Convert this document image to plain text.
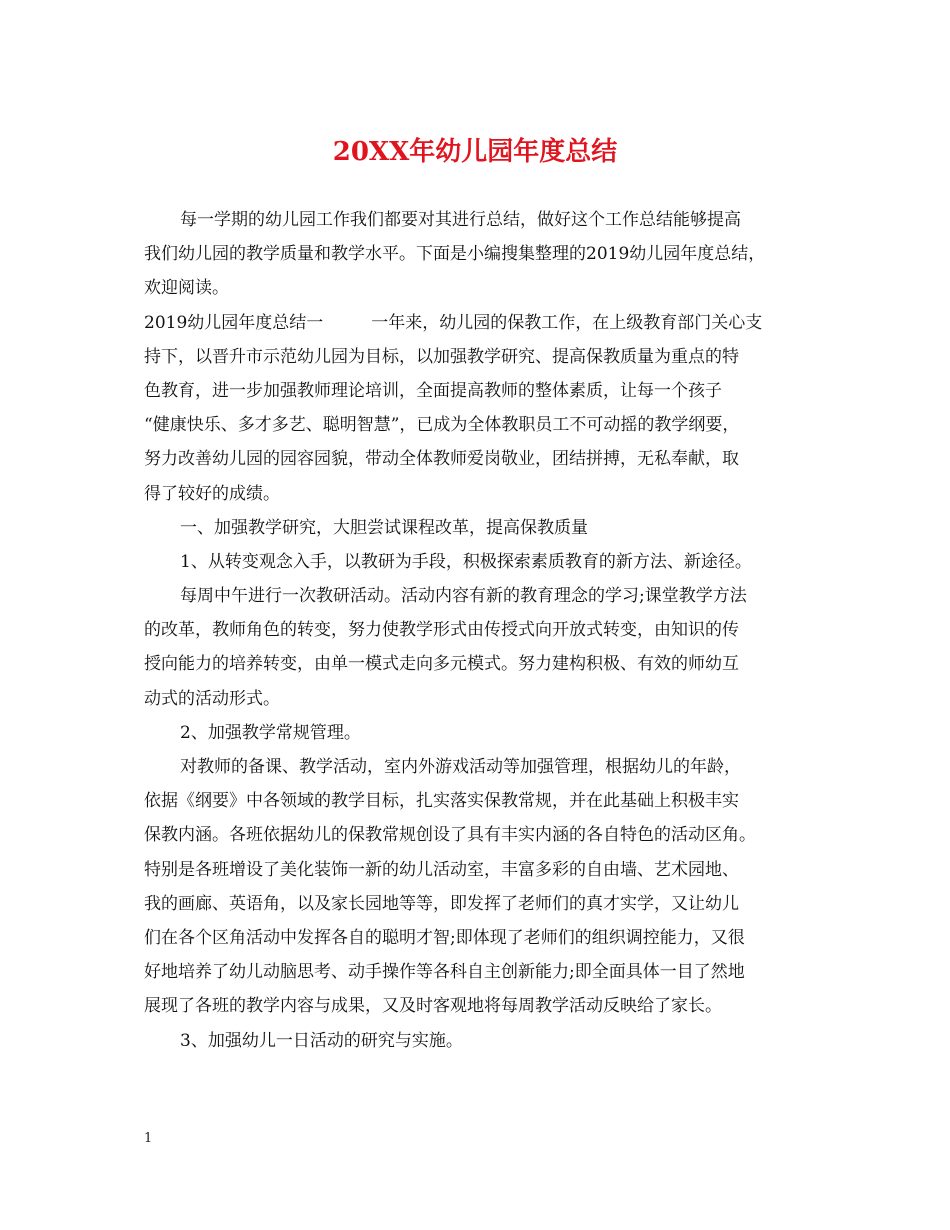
20XX年幼儿园年度总结
每一学期的幼儿园工作我们都要对其进行总结，做好这个工作总结能够提高
我们幼儿园的教学质量和教学水平。下面是小编搜集整理的2019幼儿园年度总结，
欢迎阅读。
2019幼儿园年度总结一	一年来，幼儿园的保教工作，在上级教育部门关心支
持下，以晋升市示范幼儿园为目标，以加强教学研究、提高保教质量为重点的特
色教育，进一步加强教师理论培训，全面提高教师的整体素质，让每一个孩子
“健康快乐、多才多艺、聪明智慧”，已成为全体教职员工不可动摇的教学纲要，
努力改善幼儿园的园容园貌，带动全体教师爱岗敬业，团结拼搏，无私奉献，取
得了较好的成绩。
一、加强教学研究，大胆尝试课程改革，提高保教质量
1、从转变观念入手，以教研为手段，积极探索素质教育的新方法、新途径。
每周中午进行一次教研活动。活动内容有新的教育理念的学习;课堂教学方法
的改革，教师角色的转变，努力使教学形式由传授式向开放式转变，由知识的传
授向能力的培养转变，由单一模式走向多元模式。努力建构积极、有效的师幼互
动式的活动形式。
2、加强教学常规管理。
对教师的备课、教学活动，室内外游戏活动等加强管理，根据幼儿的年龄，
依据《纲要》中各领域的教学目标，扎实落实保教常规，并在此基础上积极丰实
保教内涵。各班依据幼儿的保教常规创设了具有丰实内涵的各自特色的活动区角。
特别是各班增设了美化装饰一新的幼儿活动室，丰富多彩的自由墙、艺术园地、
我的画廊、英语角，以及家长园地等等，即发挥了老师们的真才实学，又让幼儿
们在各个区角活动中发挥各自的聪明才智;即体现了老师们的组织调控能力，又很
好地培养了幼儿动脑思考、动手操作等各科自主创新能力;即全面具体一目了然地
展现了各班的教学内容与成果，又及时客观地将每周教学活动反映给了家长。
3、加强幼儿一日活动的研究与实施。
1
